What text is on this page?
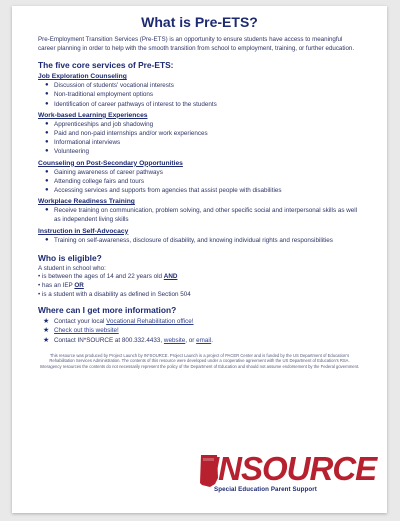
What is Pre-ETS?

Pre-Employment Transition Services (Pre-ETS) is an opportunity to ensure students have access to meaningful career planning in order to help with the smooth transition from school to employment, training, or further education.

The five core services of Pre-ETS:

Job Exploration Counseling

● Discussion of students' vocational interests
● Non-traditional employment options
● Identification of career pathways of interest to the students

Work-based Learning Experiences

● Apprenticeships and job shadowing
● Paid and non-paid internships and/or work experiences
● Informational interviews
● Volunteering

Counseling on Post-Secondary Opportunities

● Gaining awareness of career pathways
● Attending college fairs and tours
● Accessing services and supports from agencies that assist people with disabilities

Workplace Readiness Training

● Receive training on communication, problem solving, and other specific social and interpersonal skills as well as independent living skills

Instruction in Self-Advocacy

● Training on self-awareness, disclosure of disability, and knowing individual rights and responsibilities
Who is eligible?

A student in school who:

• is between the ages of 14 and 22 years old AND

• has an IEP OR

• is a student with a disability as defined in Section 504

Where can I get more information?
★ Contact your local Vocational Rehabilitation office!
★ Check out this website!
★ Contact IN*SOURCE at 800.332.4433, website, or email.

This resource was produced by Project Launch by IN*SOURCE. Project Launch is a project of PACER Center and is funded by the US Department of Education's Rehabilitation Services Administration. The contents of this resource were developed under a cooperative agreement with the US Department of Education's RSA. Interagency resources the contents do not necessarily represent the policy of the Department of Education and should not assume endorsement by the Federal government.

INSOURCE
Special Education Parent Support
